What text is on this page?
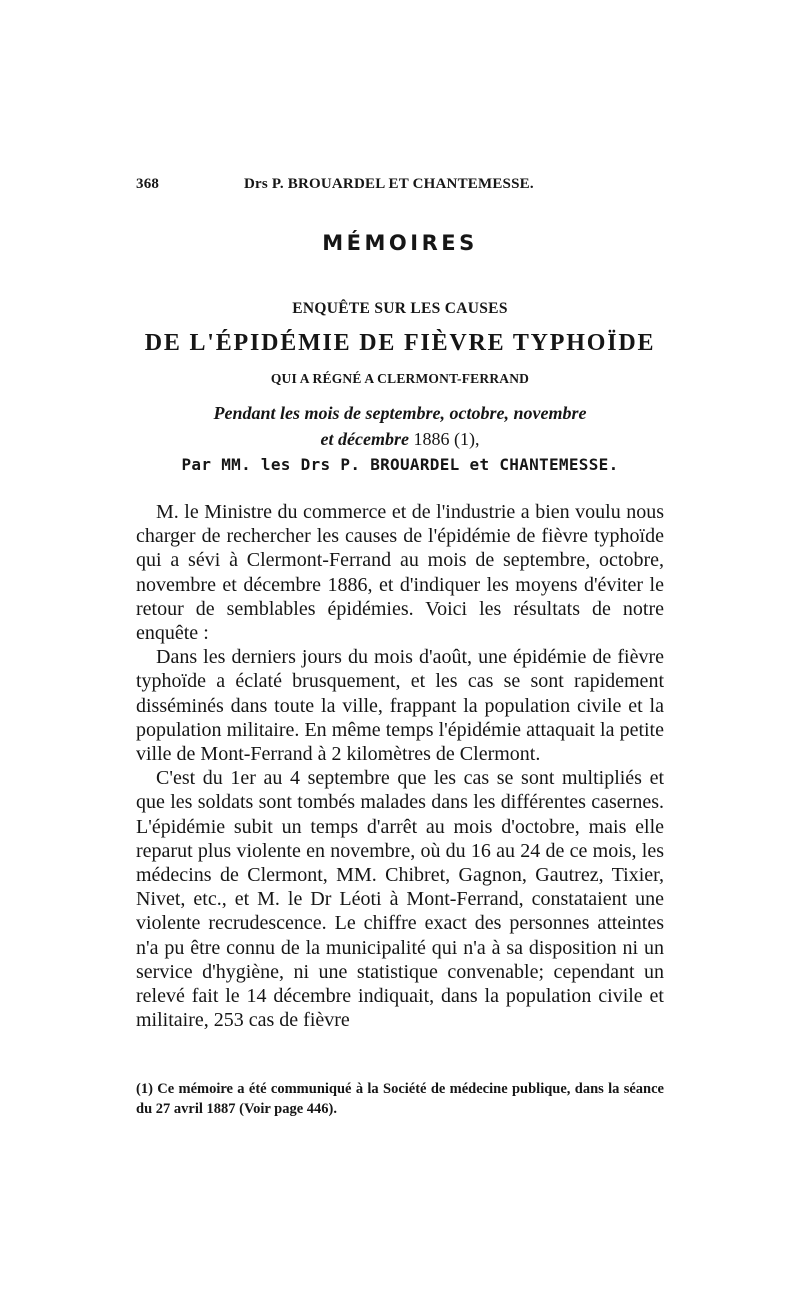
368	Drs P. BROUARDEL ET CHANTEMESSE.
MÉMOIRES
ENQUÊTE SUR LES CAUSES
DE L'ÉPIDÉMIE DE FIÈVRE TYPHOÏDE
QUI A RÉGNÉ A CLERMONT-FERRAND
Pendant les mois de septembre, octobre, novembre
et décembre 1886 (1),
Par MM. les Drs P. BROUARDEL et CHANTEMESSE.

M. le Ministre du commerce et de l'industrie a bien voulu nous charger de rechercher les causes de l'épidémie de fièvre typhoïde qui a sévi à Clermont-Ferrand au mois de septembre, octobre, novembre et décembre 1886, et d'indiquer les moyens d'éviter le retour de semblables épidémies. Voici les résultats de notre enquête :

Dans les derniers jours du mois d'août, une épidémie de fièvre typhoïde a éclaté brusquement, et les cas se sont rapidement disséminés dans toute la ville, frappant la population civile et la population militaire. En même temps l'épidémie attaquait la petite ville de Mont-Ferrand à 2 kilomètres de Clermont.

C'est du 1er au 4 septembre que les cas se sont multipliés et que les soldats sont tombés malades dans les différentes casernes. L'épidémie subit un temps d'arrêt au mois d'octobre, mais elle reparut plus violente en novembre, où du 16 au 24 de ce mois, les médecins de Clermont, MM. Chibret, Gagnon, Gautrez, Tixier, Nivet, etc., et M. le Dr Léoti à Mont-Ferrand, constataient une violente recrudescence. Le chiffre exact des personnes atteintes n'a pu être connu de la municipalité qui n'a à sa disposition ni un service d'hygiène, ni une statistique convenable; cependant un relevé fait le 14 décembre indiquait, dans la population civile et militaire, 253 cas de fièvre

(1) Ce mémoire a été communiqué à la Société de médecine publique, dans la séance du 27 avril 1887 (Voir page 446).
